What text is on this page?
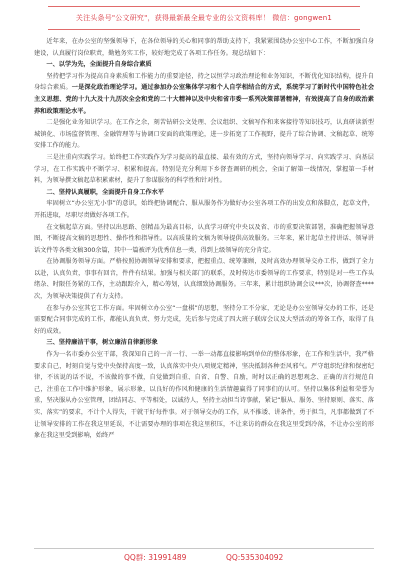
关注头条号"公文研究"，获得最新最全最专业的公文资料库！ 微信：gongwen1

近年来，在办公室的坚强领导下，在各位领导的关心和同事的帮助支持下，我紧紧围绕办公室中心工作，不断加强自身建设，认真履行岗位职责，勤勉务实工作，较好地完成了各项工作任务。现总结如下：

一、以学为先，全面提升自身综合素质

坚持把学习作为提高自身素质和工作能力的重要途径，持之以恒学习政治理论和业务知识，不断优化知识结构，提升自身综合素质。一是深化政治理论学习。通过参加办公室集体学习和个人自学相结合的方式，系统学习了新时代中国特色社会主义思想、党的十九大及十九历次全会和党的二十大精神以及中央和省市委一系列决策部署精神，有效提高了自身的政治素养和政策理论水平。

二是强化业务知识学习。在工作之余，刻苦钻研公文处理、会议组织、文稿写作和来客接待等知识技巧，认真研读新型城镇化、市场监督管理、金融管理等与协调口安面的政策理论，进一步拓宽了工作视野，提升了综合协调、文稿起草、统筹安排工作的能力。

三是注重向实践学习。始终把工作实践作为学习提高的最直接、最有效的方式，坚持向领导学习、向实践学习、向基层学习，在工作实践中不断学习、积累和提高。特别是充分利用下乡督查调研的机会，全面了解第一线情况，掌握第一手材料，为领导撰文稿起草积累素材，提升了参谋服务的科学性和针对性。

二、坚持认真履职，全面提升自身工作水平

牢固树立“办公室无小事”的意识，始终把协调配合、服从服务作为做好办公室各项工作的出发点和落脚点，起草文件，开拓进取，尽职尽责做好各项工作。

在文稿起草方面。坚持以出思路、创精品为最高目标，认真学习研究中央以及省、市的重要决策部署，准确把握领导意图，不断提高文稿的思想性、操作性和指导性。以高质量的文稿为领导提供高效服务。三年来，累计起草主持讲话、领导讲话文件等各类文稿300余篇，其中一篇被评为优秀信息一类，得到上级领导的充分肯定。

在协调服务领导方面。严格按照协调领导安排和要求，把握重点、统筹兼顾，及时高效办理领导交办工作，做到了全力以赴，认真负责，事事有回音，件件有结果。加强与相关部门的联系，及时传达市委领导的工作要求，特别是对一些工作头绪杂、时限任务紧的工作，主动跟踪介入，精心筹划，认真细致协调服务。三年来，累计组织协调会议***次，协调督查****次，为领导决策提供了有力支持。

在参与办公室其它工作方面。牢固树立办公室“一盘棋”的思想，坚持分工不分家，无论是办公室领导交办的工作，还是需要配合同事完成的工作，都能认真负责、努力完成，先后参与完成了四大班子联席会议及大型活动的筹备工作，取得了良好的成效。

三、坚持廉洁干事，树立廉洁自律新形象

作为一名市委办公室干部，我深知自己的一言一行、一举一动都直接影响到单位的整体形象，在工作和生活中，我严格要求自己，时刻自觉与党中央保持高度一致，认真落实中央八项规定精神，坚决抵制各种歪风邪气。严守组织纪律和保密纪律，不该说的话不说，不该做的事不做，自觉做到自重、自省、自警、自励，时时以正确的思想观念、正确的言行规范自己，注重在工作中维护形象，展示形象，以良好的作风和健康的生活情趣赢得了同事们的认可。坚持以集体利益和荣誉为重，坚决服从办公室管理，团结同志、平等相处，以诚待人，坚持主动担当诗事献，紧记“服从、服务、坚持原则、落实、落实、落实”的要求，不计个人得失，干就干好每件事。对于领导交办的工作，从不推诿、讲条件，勇于担当，凡事都做到了不让领导安排的工作在我这里延误，不让需要办理的事项在我这里积压，不让来访的群众在我这里受到冷落，不让办公室的形象在我这里受到影响，始终严

QQ群: 31991489	QQ:535304092
